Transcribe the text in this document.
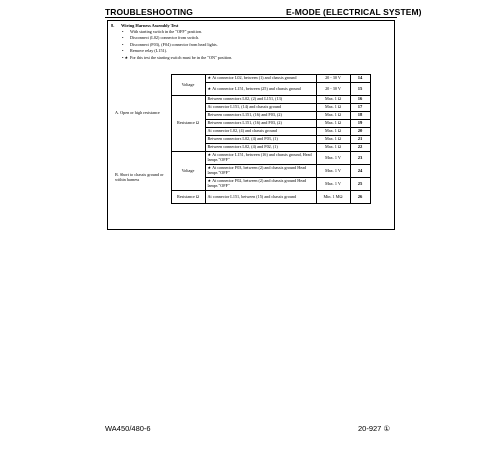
TROUBLESHOOTING	E-MODE (ELECTRICAL SYSTEM)
8. Wiring Harness Assembly Test
• With starting switch in the "OFF" position.
• Disconnect (L02) connector from switch.
• Disconnect (F03), (F04) connector from head lights.
• Remove relay (L151).
• ★ For this test the starting switch must be in the "ON" position.
A. Open or high resistance	Voltage	★ At connector L02, between (1) and chassis ground	20 - 30 V	14
		★ At connector L151, between (25) and chassis ground	20 - 30 V	15
	Resistance Ω	Between connectors L02, (2) and L151, (13)	Max. 1 Ω	16
		At connector L151, (14) and chassis ground	Max. 1 Ω	17
		Between connectors L151, (16) and F03, (2)	Max. 1 Ω	18
		Between connectors L151, (16) and F03, (2)	Max. 1 Ω	19
		At connector L02, (4) and chassis ground	Max. 1 Ω	20
		Between connectors L02, (4) and F03, (1)	Max. 1 Ω	21
		Between connectors L02, (4) and F02, (1)	Max. 1 Ω	22

B. Short to chassis ground or within harness	Voltage	★ At connector L151, between (16) and chassis ground, Head lamps "OFF"	Max. 1 V	23
		★ At connector F03, between (2) and chassis ground Head lamps "OFF"	Max. 1 V	24
		★ At connector F02, between (2) and chassis ground Head lamps "OFF"	Max. 1 V	25
	Resistance Ω	At connector L151, between (15) and chassis ground	Min. 1 MΩ	26
WA450/480-6	20-927 ①
